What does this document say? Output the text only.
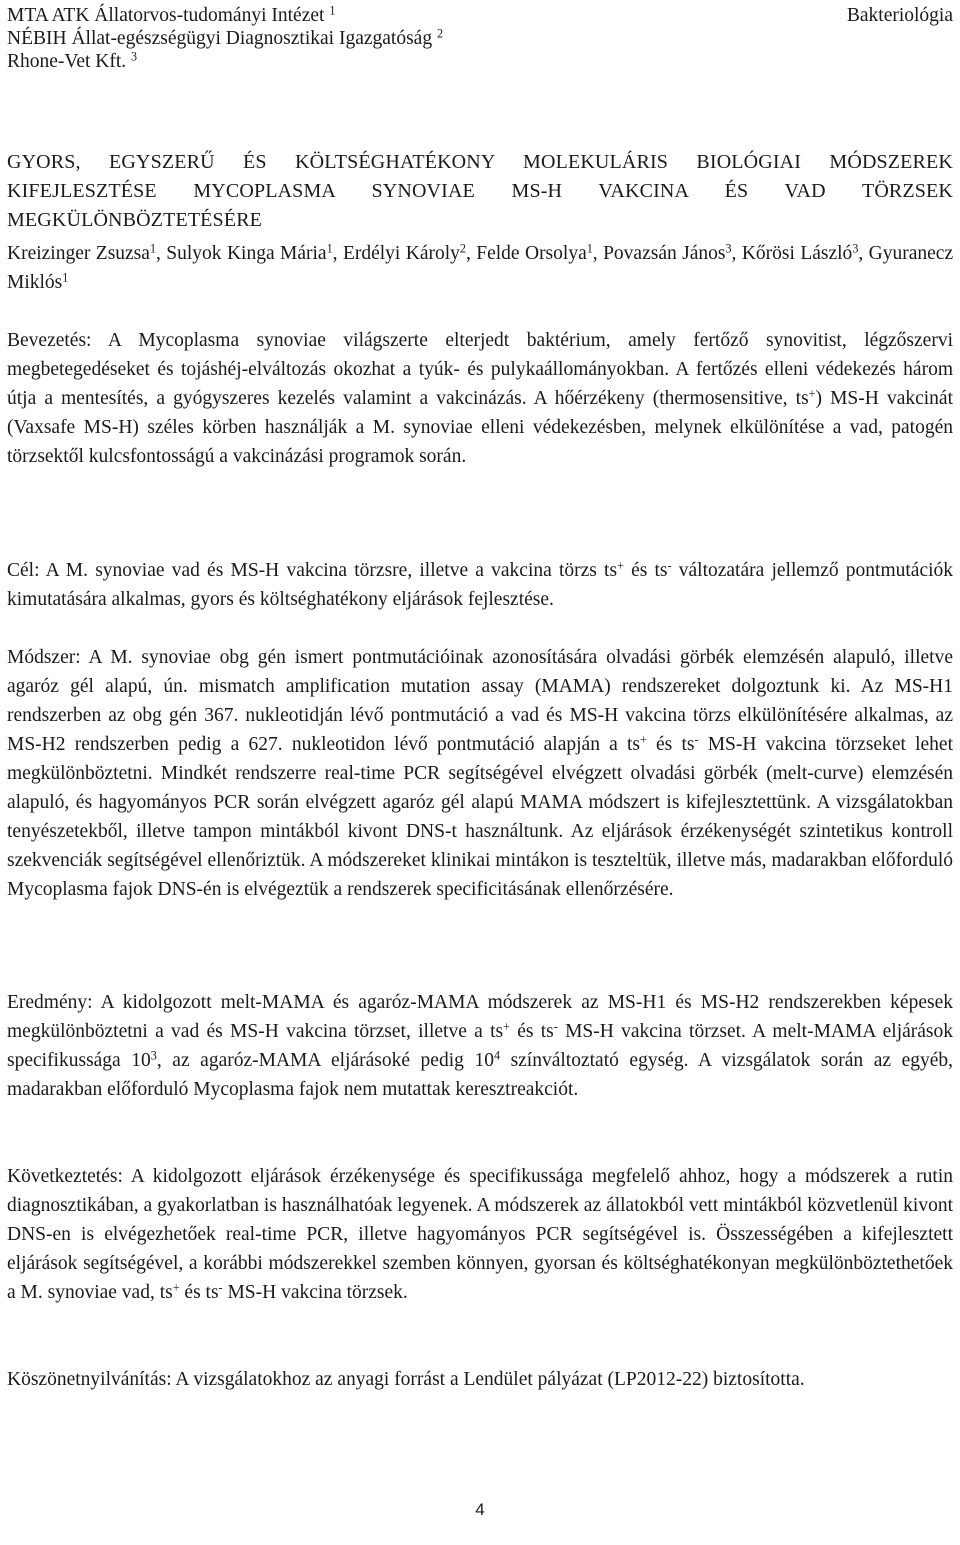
MTA ATK Állatorvos-tudományi Intézet $^1$
NÉBIH Állat-egészségügyi Diagnosztikai Igazgatóság $^2$
Rhone-Vet Kft. $^3$
Bakteriológia
GYORS, EGYSZERŰ ÉS KÖLTSÉGHATÉKONY MOLEKULÁRIS BIOLÓGIAI MÓDSZEREK KIFEJLESZTÉSE MYCOPLASMA SYNOVIAE MS-H VAKCINA ÉS VAD TÖRZSEK MEGKÜLÖNBÖZTETÉSÉRE
Kreizinger Zsuzsa$^1$, Sulyok Kinga Mária$^1$, Erdélyi Károly$^2$, Felde Orsolya$^1$, Povazsán János$^3$, Kőrösi László$^3$, Gyuranecz Miklós$^1$
Bevezetés: A Mycoplasma synoviae világszerte elterjedt baktérium, amely fertőző synovitist, légzőszervi megbetegedéseket és tojáshéj-elváltozás okozhat a tyúk- és pulykaállományokban. A fertőzés elleni védekezés három útja a mentesítés, a gyógyszeres kezelés valamint a vakcinázás. A hőérzékeny (thermosensitive, ts+) MS-H vakcinát (Vaxsafe MS-H) széles körben használják a M. synoviae elleni védekezésben, melynek elkülönítése a vad, patogén törzsektől kulcsfontosságú a vakcinázási programok során.
Cél: A M. synoviae vad és MS-H vakcina törzsre, illetve a vakcina törzs ts+ és ts- változatára jellemző pontmutációk kimutatására alkalmas, gyors és költséghatékony eljárások fejlesztése.
Módszer: A M. synoviae obg gén ismert pontmutációinak azonosítására olvadási görbék elemzésén alapuló, illetve agaróz gél alapú, ún. mismatch amplification mutation assay (MAMA) rendszereket dolgoztunk ki. Az MS-H1 rendszerben az obg gén 367. nukleotidján lévő pontmutáció a vad és MS-H vakcina törzs elkülönítésére alkalmas, az MS-H2 rendszerben pedig a 627. nukleotidon lévő pontmutáció alapján a ts+ és ts- MS-H vakcina törzseket lehet megkülönböztetni. Mindkét rendszerre real-time PCR segítségével elvégzett olvadási görbék (melt-curve) elemzésén alapuló, és hagyományos PCR során elvégzett agaróz gél alapú MAMA módszert is kifejlesztettünk. A vizsgálatokban tenyészetekből, illetve tampon mintákból kivont DNS-t használtunk. Az eljárások érzékenységét szintetikus kontroll szekvenciák segítségével ellenőriztük. A módszereket klinikai mintákon is teszteltük, illetve más, madarakban előforduló Mycoplasma fajok DNS-én is elvégeztük a rendszerek specificitásának ellenőrzésére.
Eredmény: A kidolgozott melt-MAMA és agaróz-MAMA módszerek az MS-H1 és MS-H2 rendszerekben képesek megkülönböztetni a vad és MS-H vakcina törzset, illetve a ts+ és ts- MS-H vakcina törzset. A melt-MAMA eljárások specifikussága $10^3$, az agaróz-MAMA eljárásoké pedig $10^4$ színváltoztató egység. A vizsgálatok során az egyéb, madarakban előforduló Mycoplasma fajok nem mutattak keresztreakciót.
Következtetés: A kidolgozott eljárások érzékenysége és specifikussága megfelelő ahhoz, hogy a módszerek a rutin diagnosztikában, a gyakorlatban is használhatóak legyenek. A módszerek az állatokból vett mintákból közvetlenül kivont DNS-en is elvégezhetőek real-time PCR, illetve hagyományos PCR segítségével is. Összességében a kifejlesztett eljárások segítségével, a korábbi módszerekkel szemben könnyen, gyorsan és költséghatékonyan megkülönböztethetőek a M. synoviae vad, ts+ és ts- MS-H vakcina törzsek.
Köszönetnyilvánítás: A vizsgálatokhoz az anyagi forrást a Lendület pályázat (LP2012-22) biztosította.
4
